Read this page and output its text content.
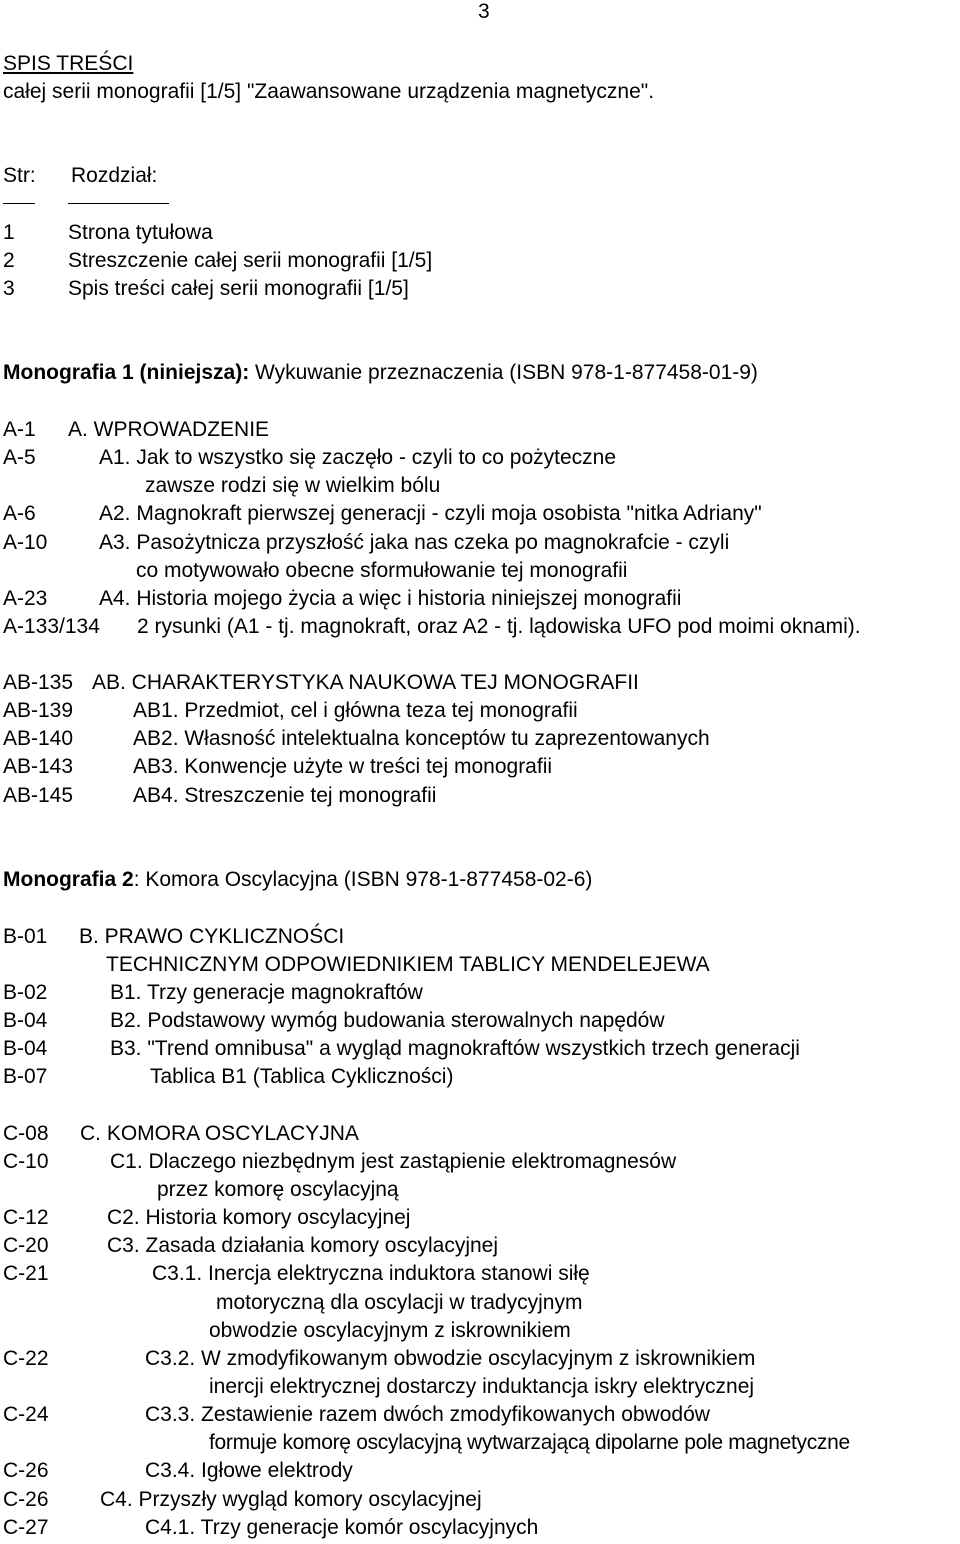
3
SPIS TREŚCI
całej serii monografii [1/5] "Zaawansowane urządzenia magnetyczne".
Str: Rozdział:
1	Strona tytułowa
2	Streszczenie całej serii monografii [1/5]
3	Spis treści całej serii monografii [1/5]
Monografia 1 (niniejsza): Wykuwanie przeznaczenia (ISBN 978-1-877458-01-9)
A-1 A. WPROWADZENIE
A-5	A1. Jak to wszystko się zaczęło - czyli to co pożyteczne
zawsze rodzi się w wielkim bólu
A-6	A2. Magnokraft pierwszej generacji - czyli moja osobista "nitka Adriany"
A-10 A3. Pasożytnicza przyszłość jaka nas czeka po magnokrafcie - czyli
co motywowało obecne sformułowanie tej monografii
A-23 A4. Historia mojego życia a więc i historia niniejszej monografii
A-133/134 2 rysunki (A1 - tj. magnokraft, oraz A2 - tj. lądowiska UFO pod moimi oknami).
AB-135 AB. CHARAKTERYSTYKA NAUKOWA TEJ MONOGRAFII
AB-139	AB1. Przedmiot, cel i główna teza tej monografii
AB-140	AB2. Własność intelektualna konceptów tu zaprezentowanych
AB-143	AB3. Konwencje użyte w treści tej monografii
AB-145	AB4. Streszczenie tej monografii
Monografia 2: Komora Oscylacyjna (ISBN 978-1-877458-02-6)
B-01 B. PRAWO CYKLICZNOŚCI
TECHNICZNYM ODPOWIEDNIKIEM TABLICY MENDELEJEWA
B-02	B1. Trzy generacje magnokraftów
B-04	B2. Podstawowy wymóg budowania sterowalnych napędów
B-04	B3. "Trend omnibusa" a wygląd magnokraftów wszystkich trzech generacji
B-07	Tablica B1 (Tablica Cykliczności)
C-08 C. KOMORA OSCYLACYJNA
C-10	C1. Dlaczego niezbędnym jest zastąpienie elektromagnesów
przez komorę oscylacyjną
C-12	C2. Historia komory oscylacyjnej
C-20	C3. Zasada działania komory oscylacyjnej
C-21	C3.1. Inercja elektryczna induktora stanowi siłę
motoryczną dla oscylacji w tradycyjnym
obwodzie oscylacyjnym z iskrownikiem
C-22	C3.2. W zmodyfikowanym obwodzie oscylacyjnym z iskrownikiem
inercji elektrycznej dostarczy induktancja iskry elektrycznej
C-24	C3.3. Zestawienie razem dwóch zmodyfikowanych obwodów
formuje komorę oscylacyjną wytwarzającą dipolarne pole magnetyczne
C-26	C3.4. Igłowe elektrody
C-26 C4. Przyszły wygląd komory oscylacyjnej
C-27	C4.1. Trzy generacje komór oscylacyjnych
